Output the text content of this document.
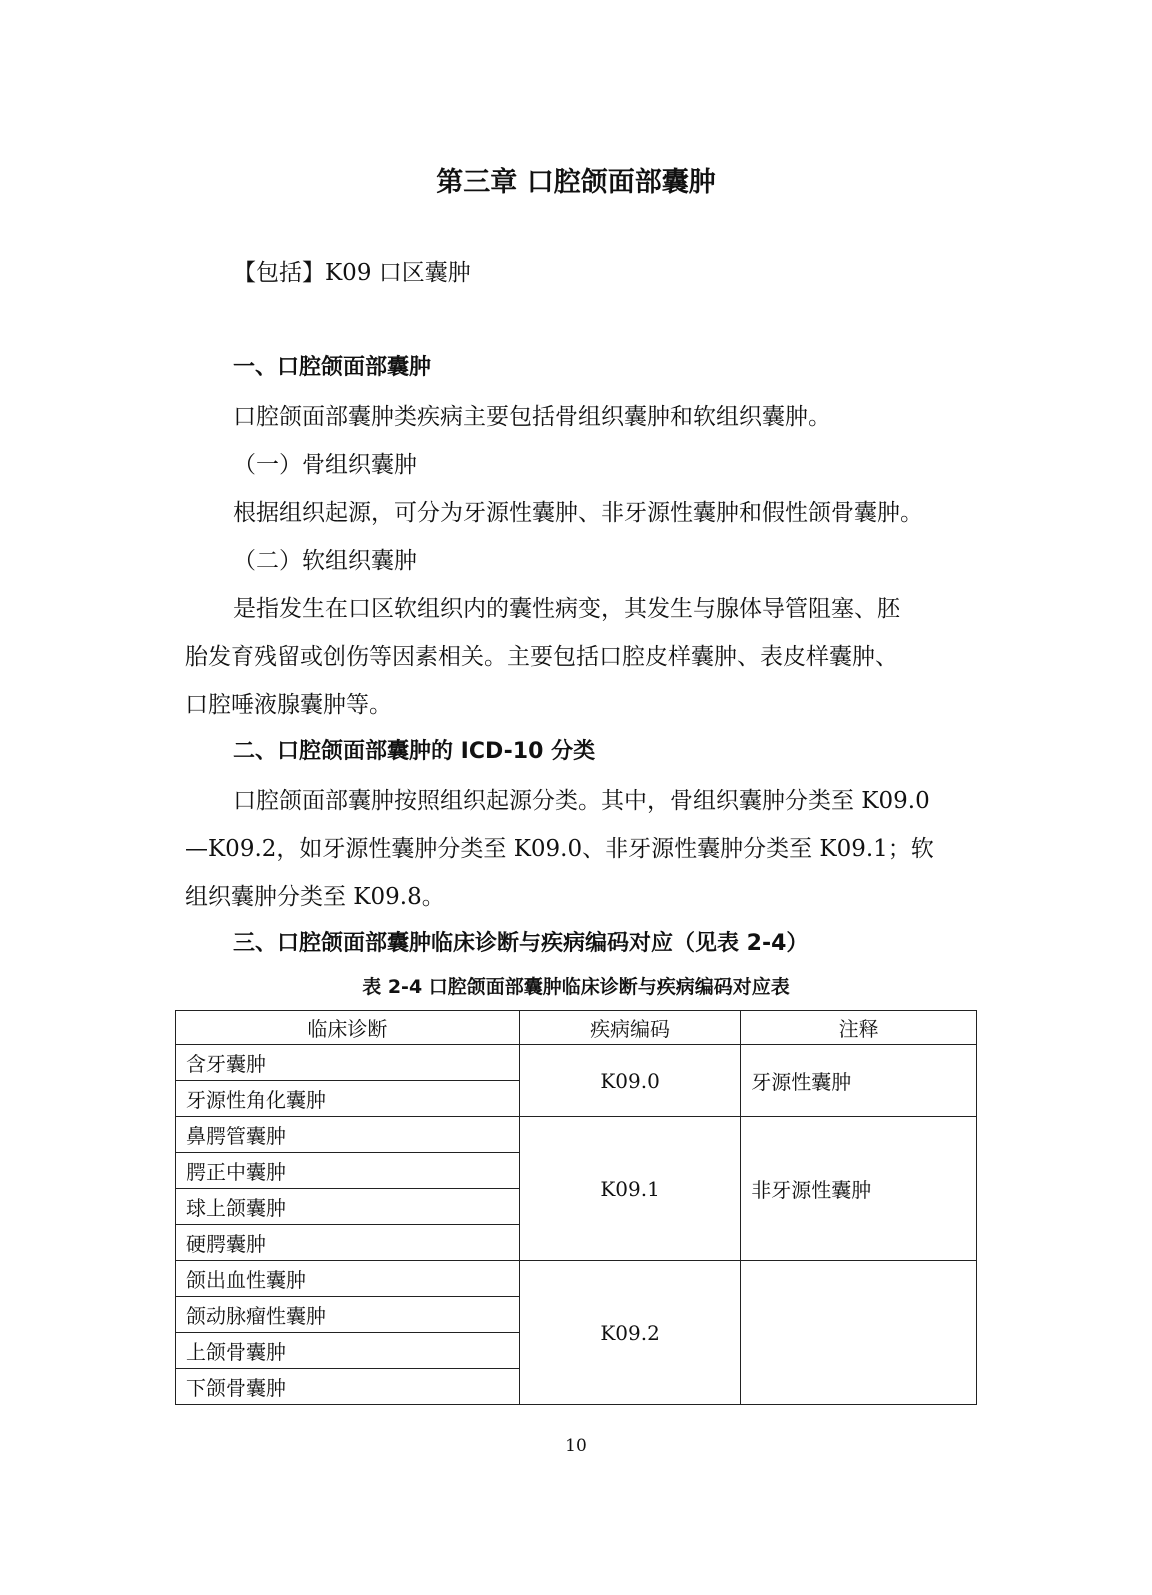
第三章 口腔颌面部囊肿
【包括】K09 口区囊肿
一、口腔颌面部囊肿
口腔颌面部囊肿类疾病主要包括骨组织囊肿和软组织囊肿。
（一）骨组织囊肿
根据组织起源，可分为牙源性囊肿、非牙源性囊肿和假性颌骨囊肿。
（二）软组织囊肿
是指发生在口区软组织内的囊性病变，其发生与腺体导管阻塞、胚
胎发育残留或创伤等因素相关。主要包括口腔皮样囊肿、表皮样囊肿、
口腔唾液腺囊肿等。
二、口腔颌面部囊肿的 ICD-10 分类
口腔颌面部囊肿按照组织起源分类。其中，骨组织囊肿分类至 K09.0
—K09.2，如牙源性囊肿分类至 K09.0、非牙源性囊肿分类至 K09.1；软
组织囊肿分类至 K09.8。
三、口腔颌面部囊肿临床诊断与疾病编码对应（见表 2-4）
表 2-4 口腔颌面部囊肿临床诊断与疾病编码对应表
临床诊断	疾病编码	注释
含牙囊肿	K09.0	牙源性囊肿
牙源性角化囊肿		
鼻腭管囊肿	K09.1	非牙源性囊肿
腭正中囊肿		
球上颌囊肿		
硬腭囊肿		
颌出血性囊肿	K09.2	
颌动脉瘤性囊肿		
上颌骨囊肿		
下颌骨囊肿		
10
